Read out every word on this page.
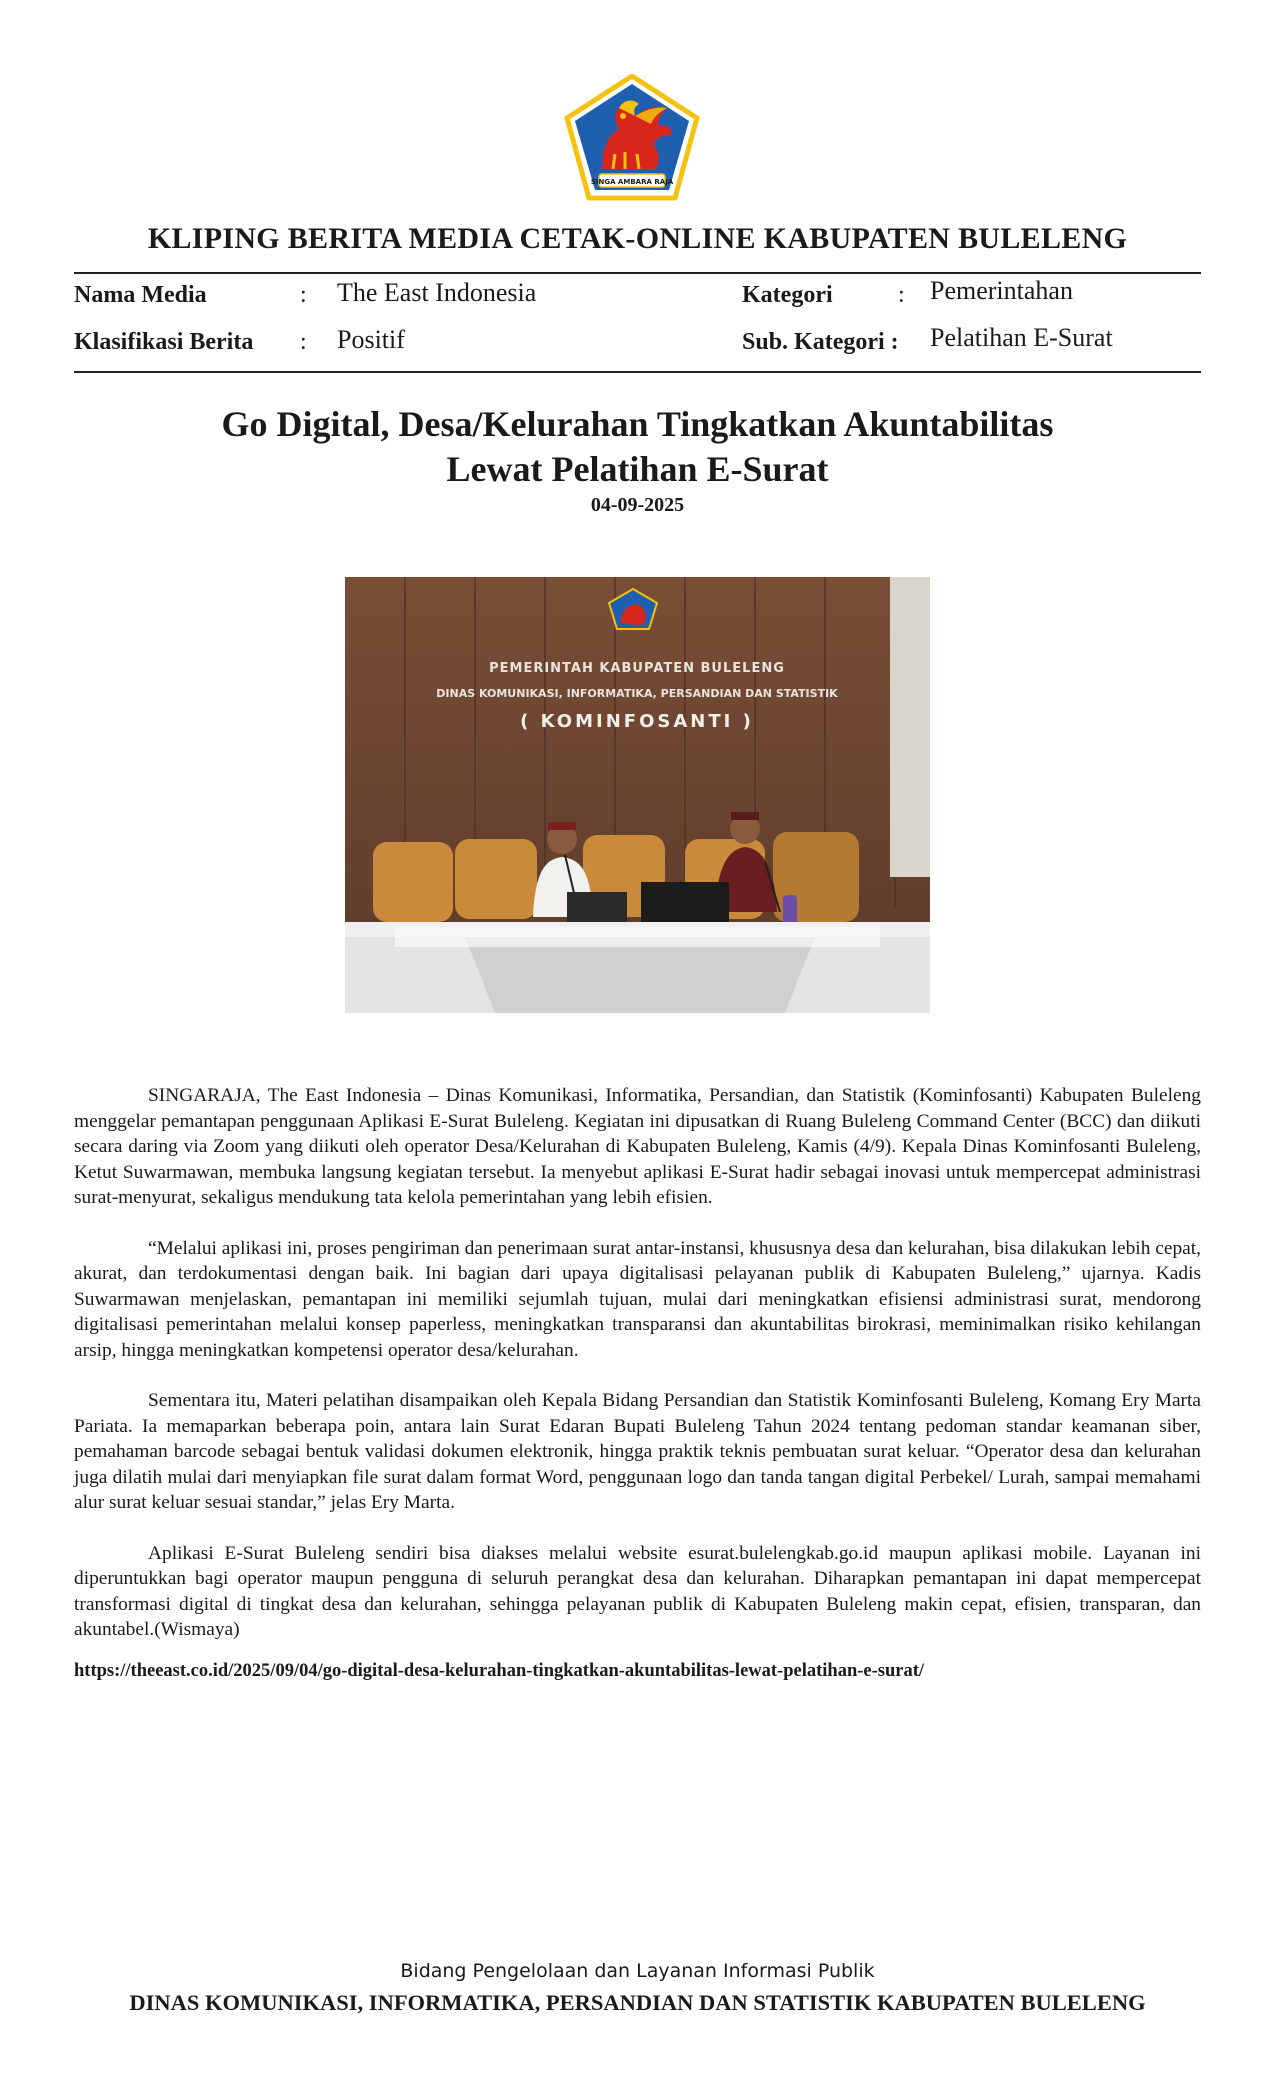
SINGA AMBARA RAJA
KLIPING BERITA MEDIA CETAK-ONLINE KABUPATEN BULELENG
Nama Media	: The East Indonesia
Klasifikasi Berita : Positif
Kategori	: Pemerintahan
Sub. Kategori : Pelatihan E-Surat
Go Digital, Desa/Kelurahan Tingkatkan Akuntabilitas
Lewat Pelatihan E-Surat
04-09-2025
PEMERINTAH KABUPATEN BULELENG
DINAS KOMUNIKASI, INFORMATIKA, PERSANDIAN DAN STATISTIK
( KOMINFOSANTI )

SINGARAJA, The East Indonesia – Dinas Komunikasi, Informatika, Persandian, dan Statistik (Kominfosanti) Kabupaten Buleleng menggelar pemantapan penggunaan Aplikasi E-Surat Buleleng. Kegiatan ini dipusatkan di Ruang Buleleng Command Center (BCC) dan diikuti secara daring via Zoom yang diikuti oleh operator Desa/Kelurahan di Kabupaten Buleleng, Kamis (4/9). Kepala Dinas Kominfosanti Buleleng, Ketut Suwarmawan, membuka langsung kegiatan tersebut. Ia menyebut aplikasi E-Surat hadir sebagai inovasi untuk mempercepat administrasi surat-menyurat, sekaligus mendukung tata kelola pemerintahan yang lebih efisien.

“Melalui aplikasi ini, proses pengiriman dan penerimaan surat antar-instansi, khususnya desa dan kelurahan, bisa dilakukan lebih cepat, akurat, dan terdokumentasi dengan baik. Ini bagian dari upaya digitalisasi pelayanan publik di Kabupaten Buleleng,” ujarnya. Kadis Suwarmawan menjelaskan, pemantapan ini memiliki sejumlah tujuan, mulai dari meningkatkan efisiensi administrasi surat, mendorong digitalisasi pemerintahan melalui konsep paperless, meningkatkan transparansi dan akuntabilitas birokrasi, meminimalkan risiko kehilangan arsip, hingga meningkatkan kompetensi operator desa/kelurahan.

Sementara itu, Materi pelatihan disampaikan oleh Kepala Bidang Persandian dan Statistik Kominfosanti Buleleng, Komang Ery Marta Pariata. Ia memaparkan beberapa poin, antara lain Surat Edaran Bupati Buleleng Tahun 2024 tentang pedoman standar keamanan siber, pemahaman barcode sebagai bentuk validasi dokumen elektronik, hingga praktik teknis pembuatan surat keluar. “Operator desa dan kelurahan juga dilatih mulai dari menyiapkan file surat dalam format Word, penggunaan logo dan tanda tangan digital Perbekel/ Lurah, sampai memahami alur surat keluar sesuai standar,” jelas Ery Marta.

Aplikasi E-Surat Buleleng sendiri bisa diakses melalui website esurat.bulelengkab.go.id maupun aplikasi mobile. Layanan ini diperuntukkan bagi operator maupun pengguna di seluruh perangkat desa dan kelurahan. Diharapkan pemantapan ini dapat mempercepat transformasi digital di tingkat desa dan kelurahan, sehingga pelayanan publik di Kabupaten Buleleng makin cepat, efisien, transparan, dan akuntabel.(Wismaya)

https://theeast.co.id/2025/09/04/go-digital-desa-kelurahan-tingkatkan-akuntabilitas-lewat-pelatihan-e-surat/
Bidang Pengelolaan dan Layanan Informasi Publik
DINAS KOMUNIKASI, INFORMATIKA, PERSANDIAN DAN STATISTIK KABUPATEN BULELENG
